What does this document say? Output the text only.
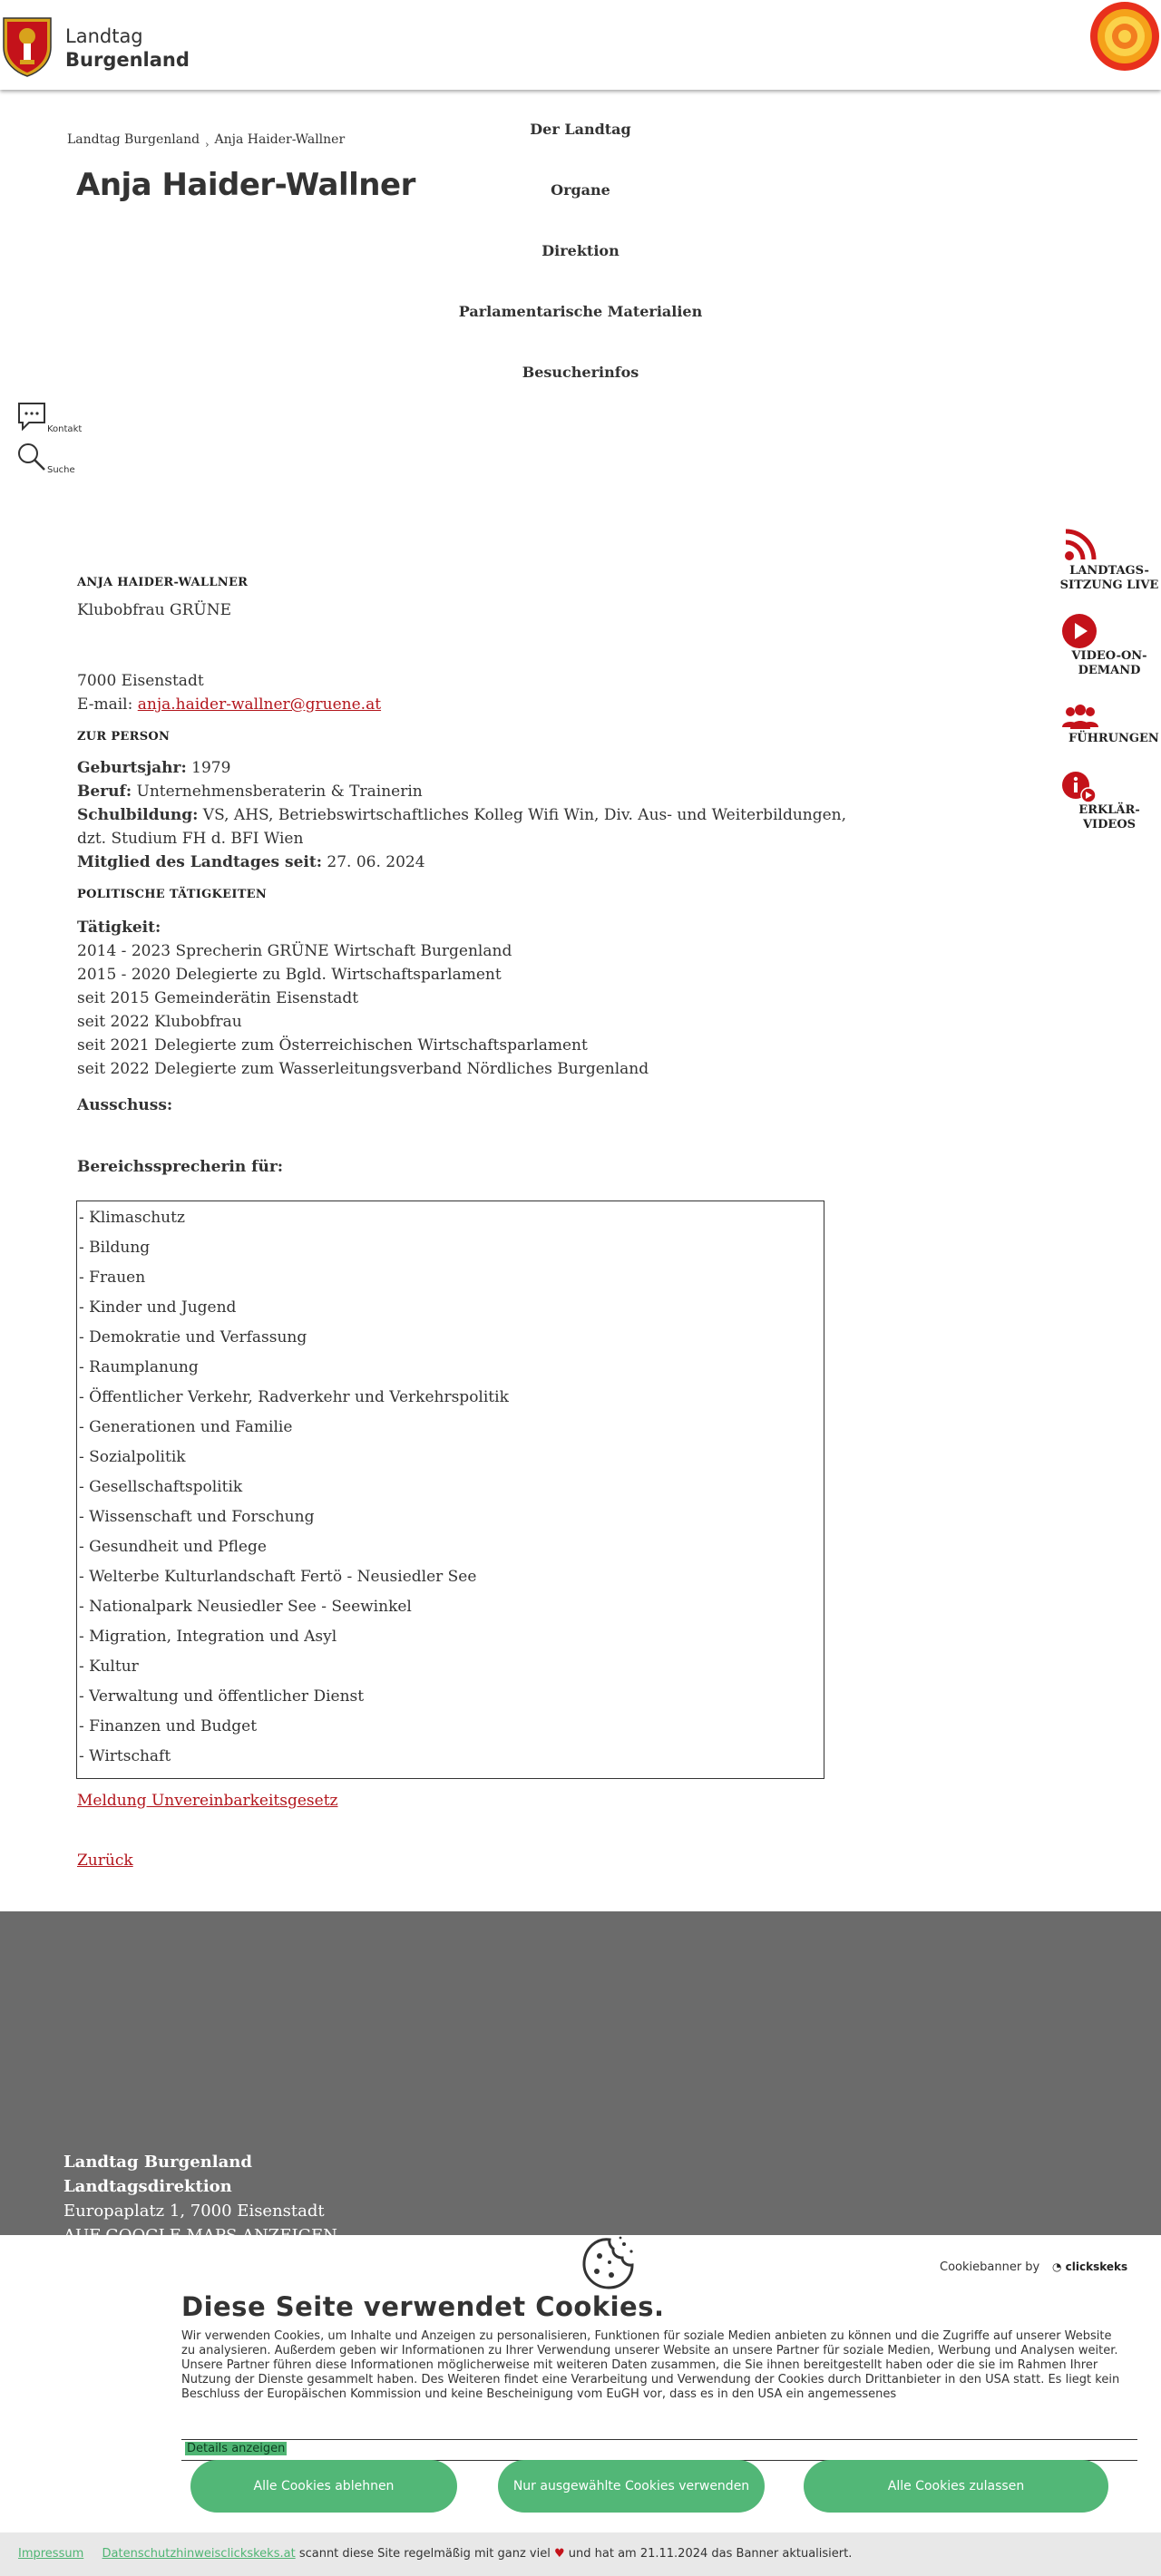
Landtag
Burgenland
Der Landtag
Organe
Direktion
Parlamentarische Materialien
Besucherinfos
Landtag Burgenland $_›$ Anja Haider-Wallner
Anja Haider-Wallner
Kontakt
Suche
LANDTAGS-
SITZUNG LIVE
VIDEO-ON-
DEMAND
FÜHRUNGEN
ERKLÄR-
VIDEOS
ANJA HAIDER-WALLNER
Klubobfrau GRÜNE
7000 Eisenstadt
E-mail: anja.haider-wallner@gruene.at
ZUR PERSON
Geburtsjahr: 1979
Beruf: Unternehmensberaterin & Trainerin
Schulbildung: VS, AHS, Betriebswirtschaftliches Kolleg Wifi Win, Div. Aus- und Weiterbildungen, dzt. Studium FH d. BFI Wien
Mitglied des Landtages seit: 27. 06. 2024
POLITISCHE TÄTIGKEITEN
Tätigkeit:
2014 - 2023 Sprecherin GRÜNE Wirtschaft Burgenland
2015 - 2020 Delegierte zu Bgld. Wirtschaftsparlament
seit 2015 Gemeinderätin Eisenstadt
seit 2022 Klubobfrau
seit 2021 Delegierte zum Österreichischen Wirtschaftsparlament
seit 2022 Delegierte zum Wasserleitungsverband Nördliches Burgenland
Ausschuss:
Bereichssprecherin für:
- Klimaschutz
- Bildung
- Frauen
- Kinder und Jugend
- Demokratie und Verfassung
- Raumplanung
- Öffentlicher Verkehr, Radverkehr und Verkehrspolitik
- Generationen und Familie
- Sozialpolitik
- Gesellschaftspolitik
- Wissenschaft und Forschung
- Gesundheit und Pflege
- Welterbe Kulturlandschaft Fertö - Neusiedler See
- Nationalpark Neusiedler See - Seewinkel
- Migration, Integration und Asyl
- Kultur
- Verwaltung und öffentlicher Dienst
- Finanzen und Budget
- Wirtschaft
Meldung Unvereinbarkeitsgesetz
Zurück
Landtag Burgenland
Landtagsdirektion
Europaplatz 1, 7000 Eisenstadt
Cookiebanner by ◔ clickskeks
Diese Seite verwendet Cookies.
Wir verwenden Cookies, um Inhalte und Anzeigen zu personalisieren, Funktionen für soziale Medien anbieten zu können und die Zugriffe auf unserer Website zu analysieren. Außerdem geben wir Informationen zu Ihrer Verwendung unserer Website an unsere Partner für soziale Medien, Werbung und Analysen weiter. Unsere Partner führen diese Informationen möglicherweise mit weiteren Daten zusammen, die Sie ihnen bereitgestellt haben oder die sie im Rahmen Ihrer Nutzung der Dienste gesammelt haben. Des Weiteren findet eine Verarbeitung und Verwendung der Cookies durch Drittanbieter in den USA statt. Es liegt kein Beschluss der Europäischen Kommission und keine Bescheinigung vom EuGH vor, dass es in den USA ein angemessenes
Details anzeigen
Alle Cookies ablehnen	Nur ausgewählte Cookies verwenden	Alle Cookies zulassen
Impressum Datenschutzhinweisclickskeks.at scannt diese Site regelmäßig mit ganz viel ♥ und hat am 21.11.2024 das Banner aktualisiert.
